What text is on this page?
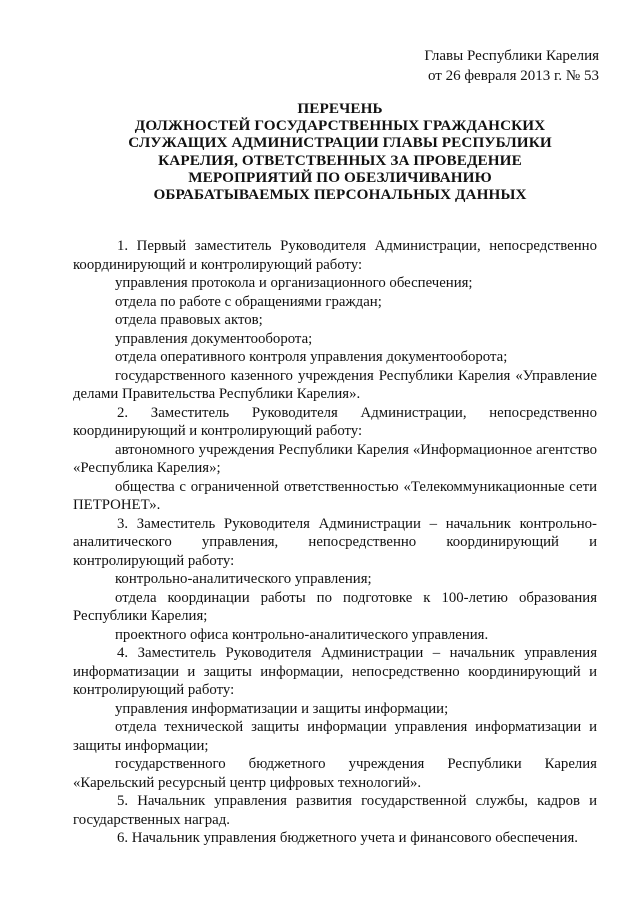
Главы Республики Карелия
от 26 февраля 2013 г. № 53
ПЕРЕЧЕНЬ
ДОЛЖНОСТЕЙ ГОСУДАРСТВЕННЫХ ГРАЖДАНСКИХ
СЛУЖАЩИХ АДМИНИСТРАЦИИ ГЛАВЫ РЕСПУБЛИКИ
КАРЕЛИЯ, ОТВЕТСТВЕННЫХ ЗА ПРОВЕДЕНИЕ
МЕРОПРИЯТИЙ ПО ОБЕЗЛИЧИВАНИЮ
ОБРАБАТЫВАЕМЫХ ПЕРСОНАЛЬНЫХ ДАННЫХ

1. Первый заместитель Руководителя Администрации, непосредственно координирующий и контролирующий работу:

управления протокола и организационного обеспечения;

отдела по работе с обращениями граждан;

отдела правовых актов;

управления документооборота;

отдела оперативного контроля управления документооборота;

государственного казенного учреждения Республики Карелия «Управление делами Правительства Республики Карелия».

2. Заместитель Руководителя Администрации, непосредственно координирующий и контролирующий работу:

автономного учреждения Республики Карелия «Информационное агентство «Республика Карелия»;

общества с ограниченной ответственностью «Телекоммуникационные сети ПЕТРОНЕТ».

3. Заместитель Руководителя Администрации – начальник контрольно-аналитического управления, непосредственно координирующий и контролирующий работу:

контрольно-аналитического управления;

отдела координации работы по подготовке к 100-летию образования Республики Карелия;

проектного офиса контрольно-аналитического управления.

4. Заместитель Руководителя Администрации – начальник управления информатизации и защиты информации, непосредственно координирующий и контролирующий работу:

управления информатизации и защиты информации;

отдела технической защиты информации управления информатизации и защиты информации;

государственного бюджетного учреждения Республики Карелия «Карельский ресурсный центр цифровых технологий».

5. Начальник управления развития государственной службы, кадров и государственных наград.

6. Начальник управления бюджетного учета и финансового обеспечения.
